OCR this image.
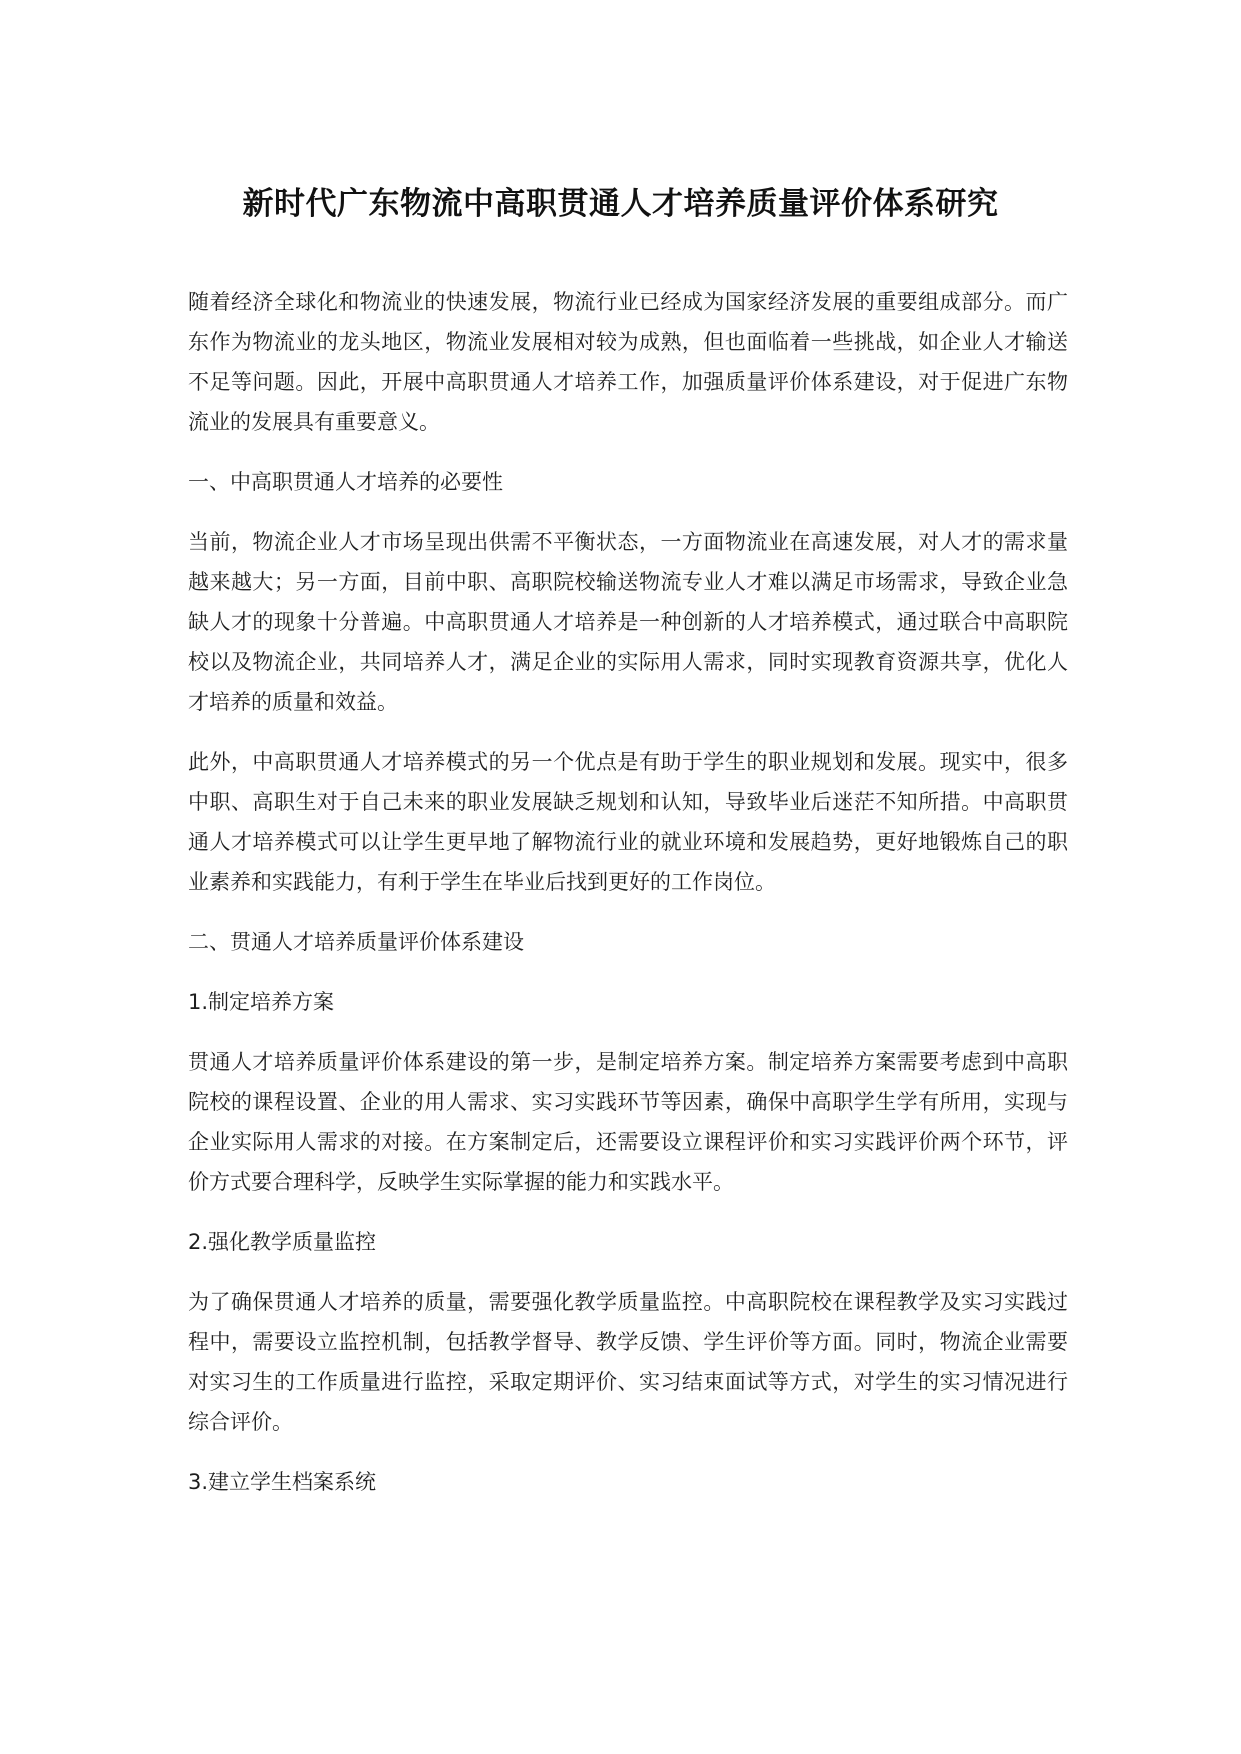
新时代广东物流中高职贯通人才培养质量评价体系研究

随着经济全球化和物流业的快速发展，物流行业已经成为国家经济发展的重要组成部分。而广东作为物流业的龙头地区，物流业发展相对较为成熟，但也面临着一些挑战，如企业人才输送不足等问题。因此，开展中高职贯通人才培养工作，加强质量评价体系建设，对于促进广东物流业的发展具有重要意义。

一、中高职贯通人才培养的必要性

当前，物流企业人才市场呈现出供需不平衡状态，一方面物流业在高速发展，对人才的需求量越来越大；另一方面，目前中职、高职院校输送物流专业人才难以满足市场需求，导致企业急缺人才的现象十分普遍。中高职贯通人才培养是一种创新的人才培养模式，通过联合中高职院校以及物流企业，共同培养人才，满足企业的实际用人需求，同时实现教育资源共享，优化人才培养的质量和效益。

此外，中高职贯通人才培养模式的另一个优点是有助于学生的职业规划和发展。现实中，很多中职、高职生对于自己未来的职业发展缺乏规划和认知，导致毕业后迷茫不知所措。中高职贯通人才培养模式可以让学生更早地了解物流行业的就业环境和发展趋势，更好地锻炼自己的职业素养和实践能力，有利于学生在毕业后找到更好的工作岗位。

二、贯通人才培养质量评价体系建设

1.制定培养方案

贯通人才培养质量评价体系建设的第一步，是制定培养方案。制定培养方案需要考虑到中高职院校的课程设置、企业的用人需求、实习实践环节等因素，确保中高职学生学有所用，实现与企业实际用人需求的对接。在方案制定后，还需要设立课程评价和实习实践评价两个环节，评价方式要合理科学，反映学生实际掌握的能力和实践水平。

2.强化教学质量监控

为了确保贯通人才培养的质量，需要强化教学质量监控。中高职院校在课程教学及实习实践过程中，需要设立监控机制，包括教学督导、教学反馈、学生评价等方面。同时，物流企业需要对实习生的工作质量进行监控，采取定期评价、实习结束面试等方式，对学生的实习情况进行综合评价。

3.建立学生档案系统
